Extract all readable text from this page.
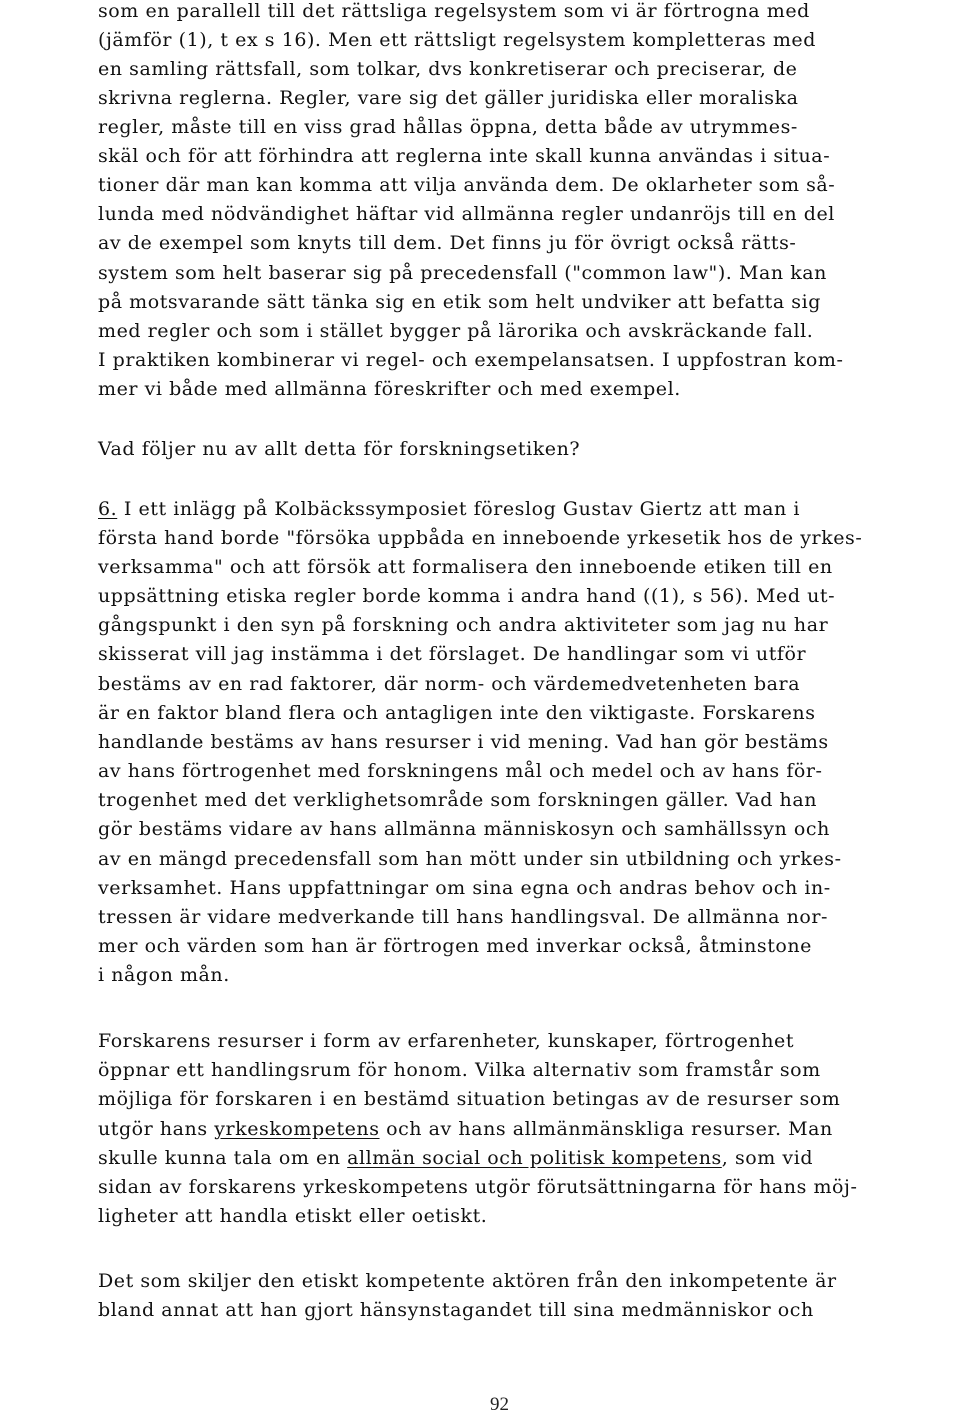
som en parallell till det rättsliga regelsystem som vi är förtrogna med
(jämför (1), t ex s 16). Men ett rättsligt regelsystem kompletteras med
en samling rättsfall, som tolkar, dvs konkretiserar och preciserar, de
skrivna reglerna. Regler, vare sig det gäller juridiska eller moraliska
regler, måste till en viss grad hållas öppna, detta både av utrymmes-
skäl och för att förhindra att reglerna inte skall kunna användas i situa-
tioner där man kan komma att vilja använda dem. De oklarheter som så-
lunda med nödvändighet häftar vid allmänna regler undanröjs till en del
av de exempel som knyts till dem. Det finns ju för övrigt också rätts-
system som helt baserar sig på precedensfall ("common law"). Man kan
på motsvarande sätt tänka sig en etik som helt undviker att befatta sig
med regler och som i stället bygger på lärorika och avskräckande fall.
I praktiken kombinerar vi regel- och exempelansatsen. I uppfostran kom-
mer vi både med allmänna föreskrifter och med exempel.
Vad följer nu av allt detta för forskningsetiken?
6. I ett inlägg på Kolbäckssymposiet föreslog Gustav Giertz att man i
första hand borde "försöka uppbåda en inneboende yrkesetik hos de yrkes-
verksamma" och att försök att formalisera den inneboende etiken till en
uppsättning etiska regler borde komma i andra hand ((1), s 56). Med ut-
gångspunkt i den syn på forskning och andra aktiviteter som jag nu har
skisserat vill jag instämma i det förslaget. De handlingar som vi utför
bestäms av en rad faktorer, där norm- och värdemedvetenheten bara
är en faktor bland flera och antagligen inte den viktigaste. Forskarens
handlande bestäms av hans resurser i vid mening. Vad han gör bestäms
av hans förtrogenhet med forskningens mål och medel och av hans för-
trogenhet med det verklighetsområde som forskningen gäller. Vad han
gör bestäms vidare av hans allmänna människosyn och samhällssyn och
av en mängd precedensfall som han mött under sin utbildning och yrkes-
verksamhet. Hans uppfattningar om sina egna och andras behov och in-
tressen är vidare medverkande till hans handlingsval. De allmänna nor-
mer och värden som han är förtrogen med inverkar också, åtminstone
i någon mån.
Forskarens resurser i form av erfarenheter, kunskaper, förtrogenhet
öppnar ett handlingsrum för honom. Vilka alternativ som framstår som
möjliga för forskaren i en bestämd situation betingas av de resurser som
utgör hans yrkeskompetens och av hans allmänmänskliga resurser. Man
skulle kunna tala om en allmän social och politisk kompetens, som vid
sidan av forskarens yrkeskompetens utgör förutsättningarna för hans möj-
ligheter att handla etiskt eller oetiskt.
Det som skiljer den etiskt kompetente aktören från den inkompetente är
bland annat att han gjort hänsynstagandet till sina medmänniskor och
92
